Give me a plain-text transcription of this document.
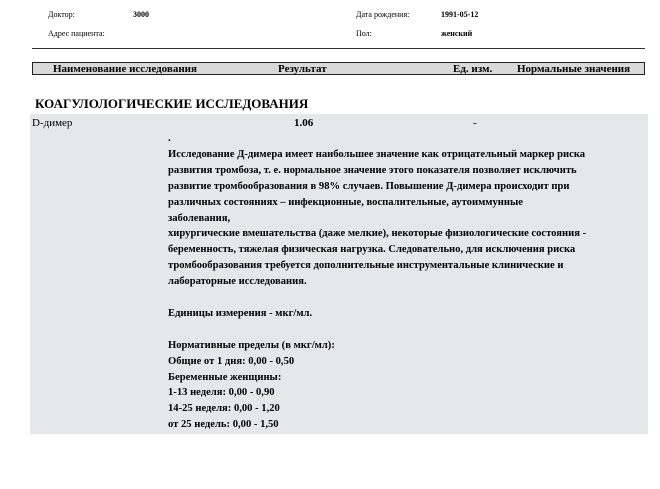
Доктор:	3000	Дата рождения:	1991-05-12
Адрес пациента:	Пол:	женский
Наименование исследования	Результат	Ед. изм. Нормальные значения
КОАГУЛОЛОГИЧЕСКИЕ ИССЛЕДОВАНИЯ
D-димер	1.06	-

.

Исследование Д-димера имеет наибольшее значение как отрицательный маркер риска

развития тромбоза, т. е. нормальное значение этого показателя позволяет исключить

развитие тромбообразования в 98% случаев. Повышение Д-димера происходит при

различных состояниях – инфекционные, воспалительные, аутоиммунные

заболевания,

хирургические вмешательства (даже мелкие), некоторые физиологические состояния -

беременность, тяжелая физическая нагрузка. Следовательно, для исключения риска

тромбообразования требуется дополнительные инструментальные клинические и

лабораторные исследования.

Единицы измерения - мкг/мл.

Нормативные пределы (в мкг/мл):

Общие от 1 дня: 0,00 - 0,50

Беременные женщины:

1-13 неделя: 0,00 - 0,90

14-25 неделя: 0,00 - 1,20

от 25 недель: 0,00 - 1,50
